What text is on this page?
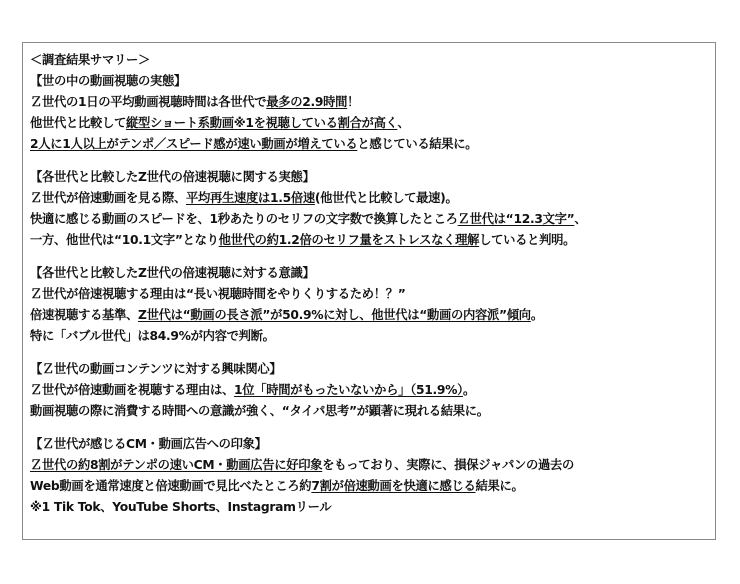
＜調査結果サマリー＞
【世の中の動画視聴の実態】
Ｚ世代の1日の平均動画視聴時間は各世代で最多の2.9時間！
他世代と比較して縦型ショート系動画※1を視聴している割合が高く、
2人に1人以上がテンポ／スピード感が速い動画が増えていると感じている結果に。
【各世代と比較したZ世代の倍速視聴に関する実態】
Ｚ世代が倍速動画を見る際、平均再生速度は1.5倍速(他世代と比較して最速)。
快適に感じる動画のスピードを、1秒あたりのセリフの文字数で換算したところＺ世代は“12.3文字”、
一方、他世代は“10.1文字”となり他世代の約1.2倍のセリフ量をストレスなく理解していると判明。
【各世代と比較したZ世代の倍速視聴に対する意識】
Ｚ世代が倍速視聴する理由は“長い視聴時間をやりくりするため！？”
倍速視聴する基準、Z世代は“動画の長さ派”が50.9%に対し、他世代は“動画の内容派”傾向。
特に「バブル世代」は84.9%が内容で判断。
【Ｚ世代の動画コンテンツに対する興味関心】
Ｚ世代が倍速動画を視聴する理由は、1位「時間がもったいないから」（51.9%）。
動画視聴の際に消費する時間への意識が強く、“タイパ思考”が顕著に現れる結果に。
【Ｚ世代が感じるCM・動画広告への印象】
Ｚ世代の約8割がテンポの速いCM・動画広告に好印象をもっており、実際に、損保ジャパンの過去の
Web動画を通常速度と倍速動画で見比べたところ約7割が倍速動画を快適に感じる結果に。
※1 Tik Tok、YouTube Shorts、Instagramリール
